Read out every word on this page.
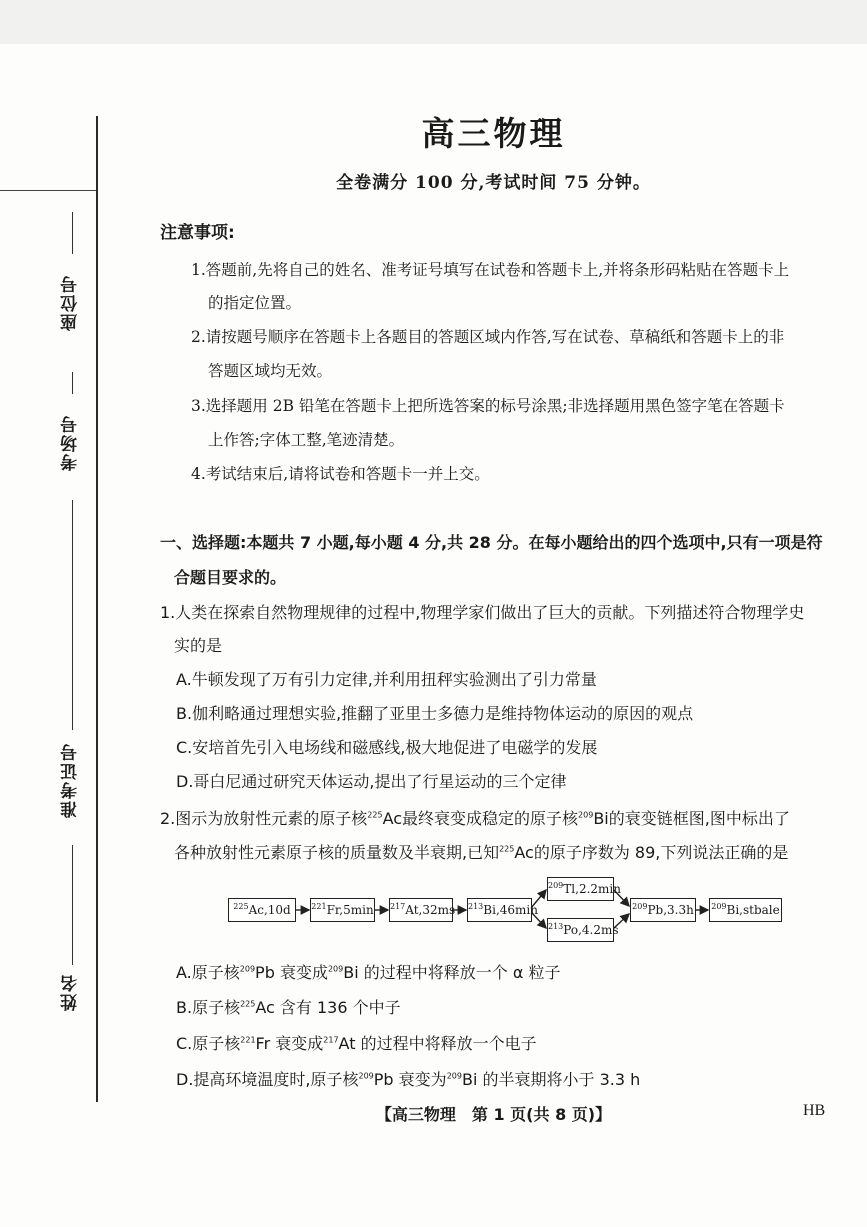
座位号
考场号
准考证号
姓名
高三物理
全卷满分 100 分,考试时间 75 分钟。
注意事项:
1.答题前,先将自己的姓名、准考证号填写在试卷和答题卡上,并将条形码粘贴在答题卡上
的指定位置。
2.请按题号顺序在答题卡上各题目的答题区域内作答,写在试卷、草稿纸和答题卡上的非
答题区域均无效。
3.选择题用 2B 铅笔在答题卡上把所选答案的标号涂黑;非选择题用黑色签字笔在答题卡
上作答;字体工整,笔迹清楚。
4.考试结束后,请将试卷和答题卡一并上交。
一、选择题:本题共 7 小题,每小题 4 分,共 28 分。在每小题给出的四个选项中,只有一项是符
合题目要求的。
1.人类在探索自然物理规律的过程中,物理学家们做出了巨大的贡献。下列描述符合物理学史
实的是
A.牛顿发现了万有引力定律,并利用扭秤实验测出了引力常量
B.伽利略通过理想实验,推翻了亚里士多德力是维持物体运动的原因的观点
C.安培首先引入电场线和磁感线,极大地促进了电磁学的发展
D.哥白尼通过研究天体运动,提出了行星运动的三个定律
2.图示为放射性元素的原子核$^{225}$Ac最终衰变成稳定的原子核$^{209}$Bi的衰变链框图,图中标出了
各种放射性元素原子核的质量数及半衰期,已知$^{225}$Ac的原子序数为 89,下列说法正确的是
$^{225}$Ac,10d	$^{221}$Fr,5min $^{217}$At,32ms $^{213}$Bi,46min
$^{209}$Tl,2.2min
$^{213}$Po,4.2ms
$^{209}$Pb,3.3h $^{209}$Bi,stbale
A.原子核$^{209}$Pb 衰变成$^{209}$Bi 的过程中将释放一个 α 粒子
B.原子核$^{225}$Ac 含有 136 个中子
C.原子核$^{221}$Fr 衰变成$^{217}$At 的过程中将释放一个电子
D.提高环境温度时,原子核$^{209}$Pb 衰变为$^{209}$Bi 的半衰期将小于 3.3 h
【高三物理　第 1 页(共 8 页)】	HB
